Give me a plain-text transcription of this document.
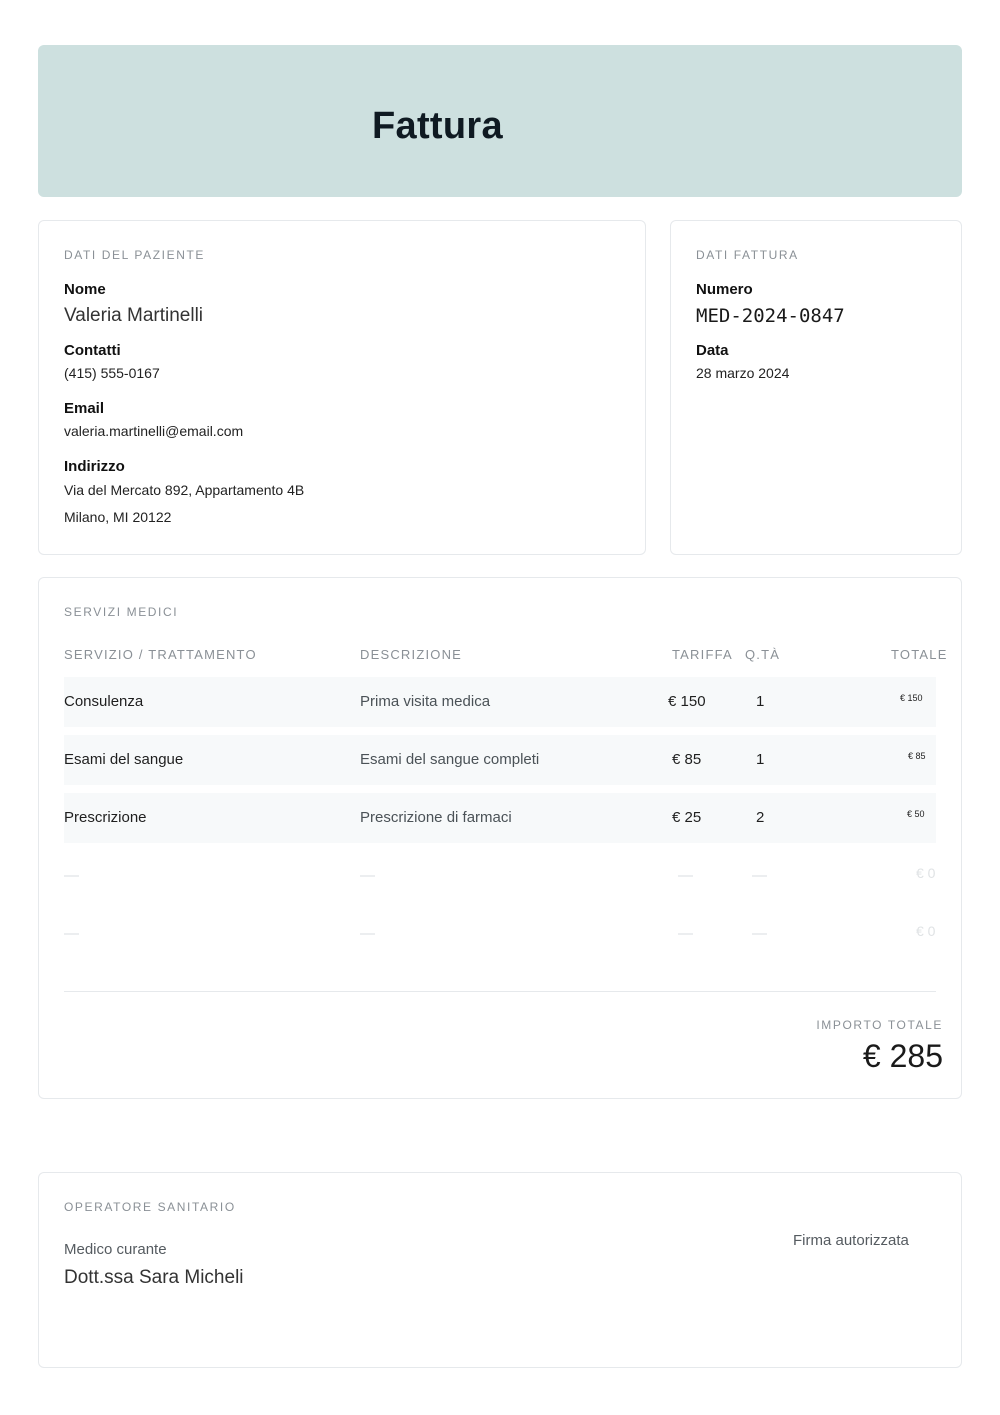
Fattura
DATI DEL PAZIENTE
Nome
Valeria Martinelli
Contatti
(415) 555-0167
Email
valeria.martinelli@email.com
Indirizzo
Via del Mercato 892, Appartamento 4B
Milano, MI 20122
DATI FATTURA
Numero
MED-2024-0847
Data
28 marzo 2024
SERVIZI MEDICI
SERVIZIO / TRATTAMENTO	DESCRIZIONE	TARIFFA Q.TÀ	TOTALE
Consulenza	Prima visita medica	€ 150	1	€ 150
Esami del sangue	Esami del sangue completi	€ 85	1	€ 85
Prescrizione	Prescrizione di farmaci	€ 25	2	€ 50
—	—	—	—	€ 0
—	—	—	—	€ 0
IMPORTO TOTALE
€ 285
OPERATORE SANITARIO
Medico curante
Dott.ssa Sara Micheli
Firma autorizzata
